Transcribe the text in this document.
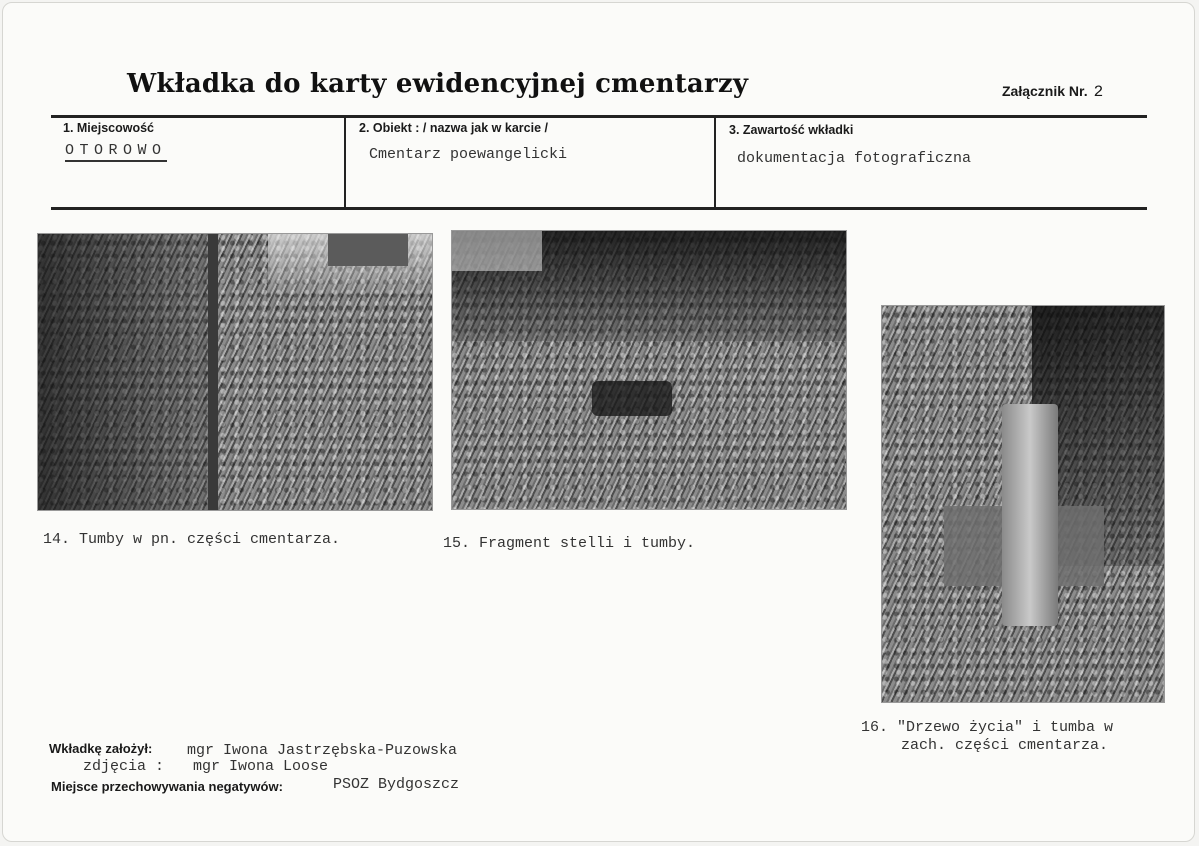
Wkładka do karty ewidencyjnej cmentarzy	Załącznik Nr. 2
1. Miejscowość
OTOROWO
2. Obiekt : / nazwa jak w karcie /
Cmentarz poewangelicki
3. Zawartość wkładki
dokumentacja fotograficzna
14. Tumby w pn. części cmentarza.	15. Fragment stelli i tumby.
16. "Drzewo życia" i tumba w
zach. części cmentarza.
Wkładkę założył: mgr Iwona Jastrzębska-Puzowska
zdjęcia : mgr Iwona Loose
Miejsce przechowywania negatywów:	PSOZ Bydgoszcz
